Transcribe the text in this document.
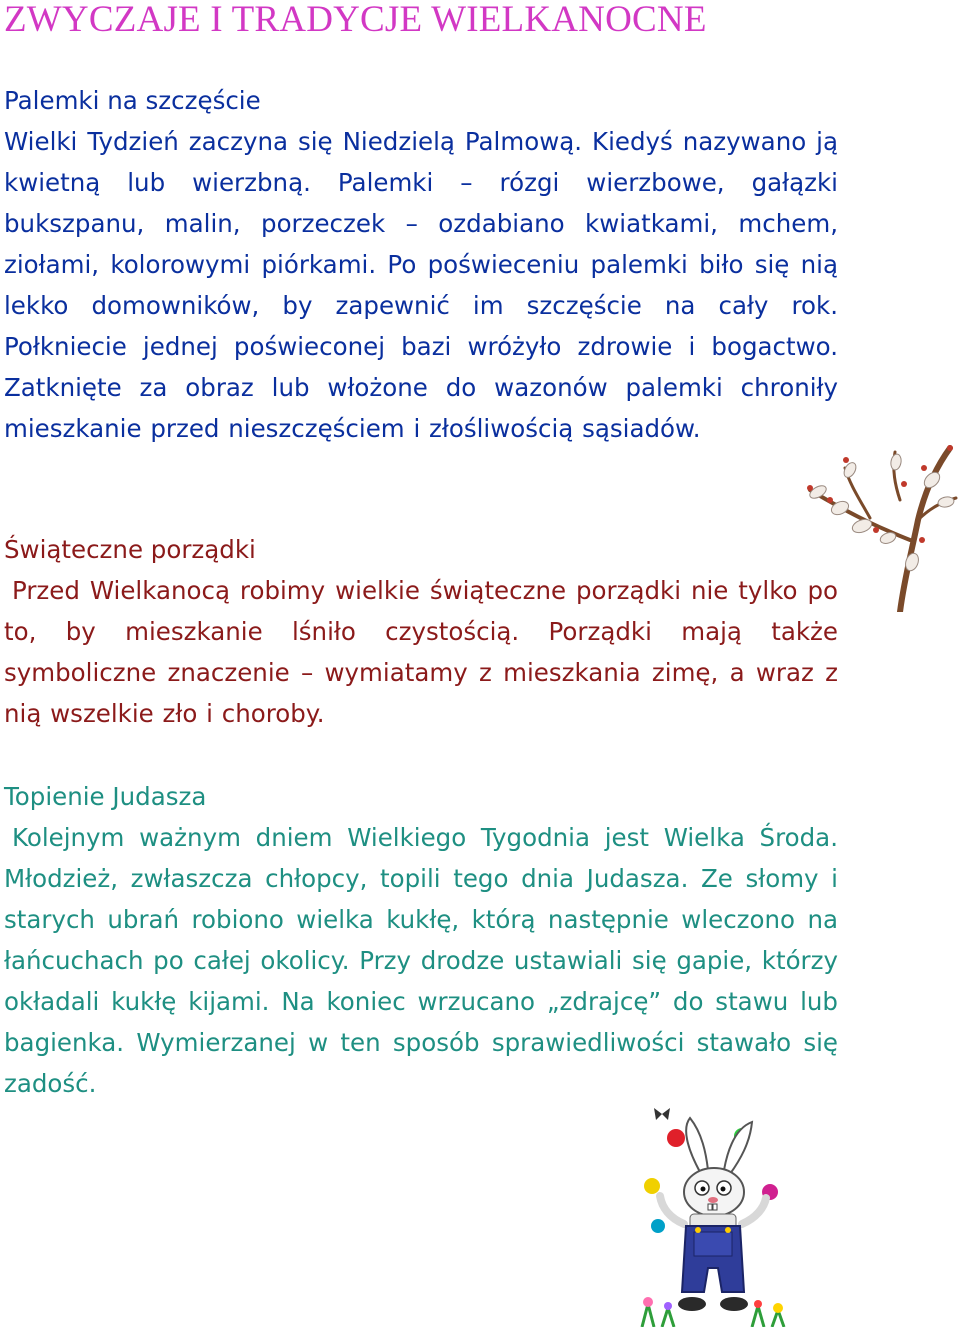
ZWYCZAJE I TRADYCJE WIELKANOCNE
Palemki na szczęście

Wielki Tydzień zaczyna się Niedzielą Palmową. Kiedyś nazywano ją kwietną lub wierzbną. Palemki – rózgi wierzbowe, gałązki bukszpanu, malin, porzeczek – ozdabiano kwiatkami, mchem, ziołami, kolorowymi piórkami. Po poświeceniu palemki biło się nią lekko domowników, by zapewnić im szczęście na cały rok. Połkniecie jednej poświeconej bazi wróżyło zdrowie i bogactwo. Zatknięte za obraz lub włożone do wazonów palemki chroniły mieszkanie przed nieszczęściem i złośliwością sąsiadów.

Świąteczne porządki

Przed Wielkanocą robimy wielkie świąteczne porządki nie tylko po to, by mieszkanie lśniło czystością. Porządki mają także symboliczne znaczenie – wymiatamy z mieszkania zimę, a wraz z nią wszelkie zło i choroby.

Topienie Judasza

Kolejnym ważnym dniem Wielkiego Tygodnia jest Wielka Środa. Młodzież, zwłaszcza chłopcy, topili tego dnia Judasza. Ze słomy i starych ubrań robiono wielka kukłę, którą następnie wleczono na łańcuchach po całej okolicy. Przy drodze ustawiali się gapie, którzy okładali kukłę kijami. Na koniec wrzucano „zdrajcę” do stawu lub bagienka. Wymierzanej w ten sposób sprawiedliwości stawało się zadość.
